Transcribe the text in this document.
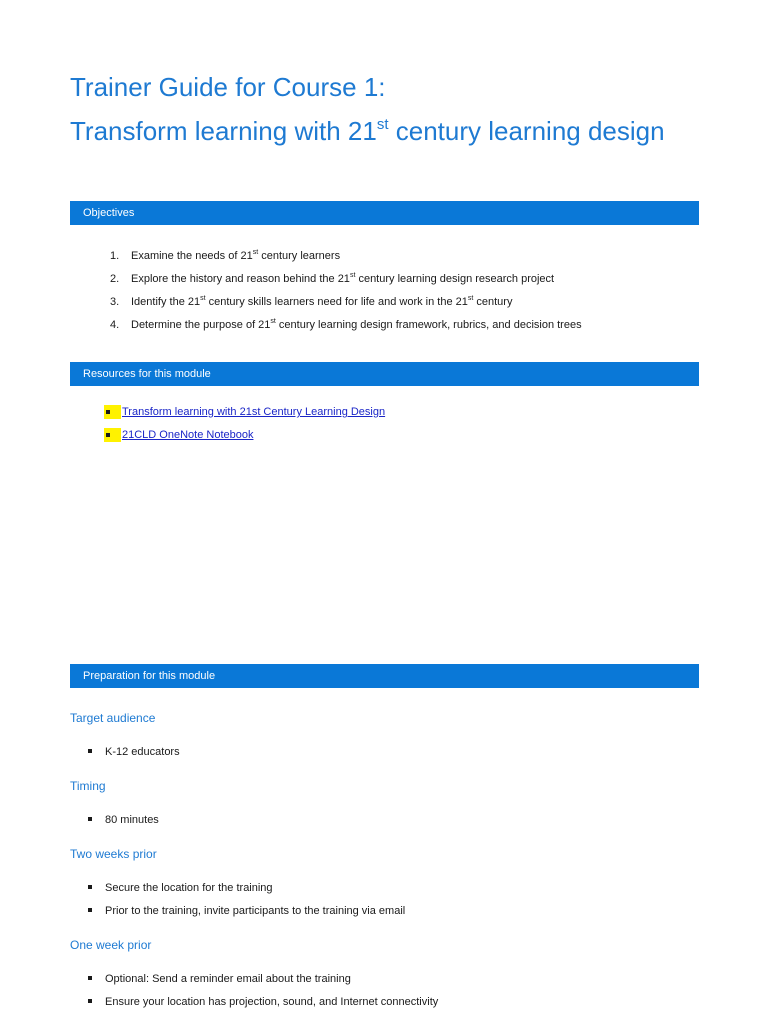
Trainer Guide for Course 1:
Transform learning with 21st century learning design
Objectives
1.	Examine the needs of 21st century learners
2.	Explore the history and reason behind the 21st century learning design research project
3.	Identify the 21st century skills learners need for life and work in the 21st century
4.	Determine the purpose of 21st century learning design framework, rubrics, and decision trees
Resources for this module
Transform learning with 21st Century Learning Design
21CLD OneNote Notebook
Preparation for this module
Target audience
K-12 educators
Timing
80 minutes
Two weeks prior
Secure the location for the training
Prior to the training, invite participants to the training via email
One week prior
Optional: Send a reminder email about the training
Ensure your location has projection, sound, and Internet connectivity
